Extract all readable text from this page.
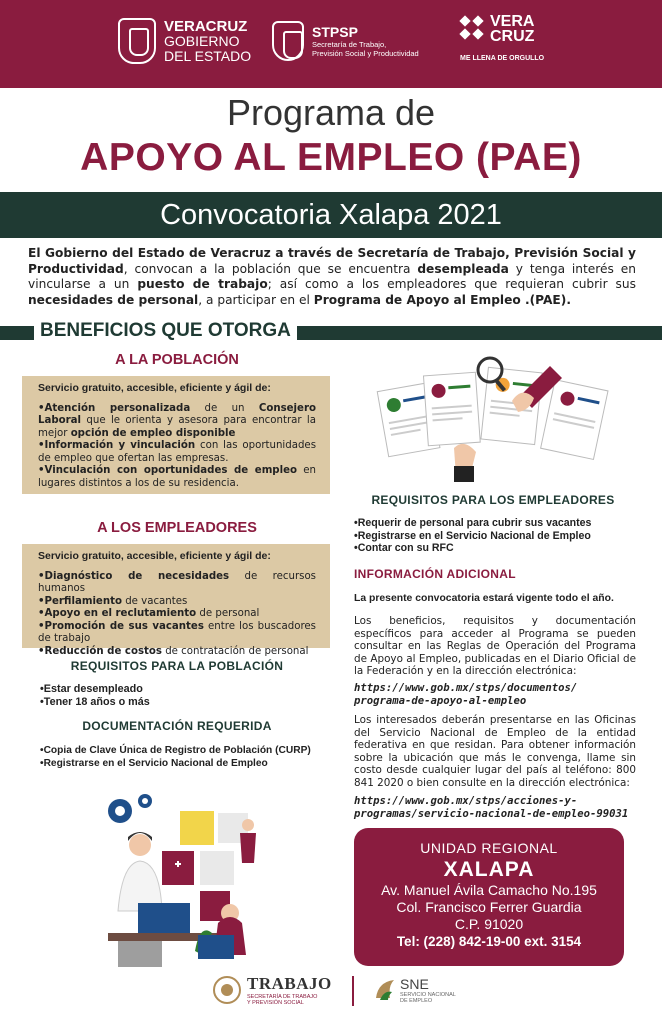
VERACRUZ
GOBIERNO
DEL ESTADO
STPSP
Secretaría de Trabajo,
Previsión Social y Productividad
VERA
CRUZ
ME LLENA DE ORGULLO
Programa de
APOYO AL EMPLEO (PAE)
Convocatoria Xalapa 2021
El Gobierno del Estado de Veracruz a través de Secretaría de Trabajo, Previsión Social y Productividad, convocan a la población que se encuentra desempleada y tenga interés en vincularse a un puesto de trabajo; así como a los empleadores que requieran cubrir sus necesidades de personal, a participar en el Programa de Apoyo al Empleo .(PAE).
BENEFICIOS QUE OTORGA
A LA POBLACIÓN

Servicio gratuito, accesible, eficiente y ágil de:

•Atención personalizada de un Consejero Laboral que le orienta y asesora para encontrar la mejor opción de empleo disponible

•Información y vinculación con las oportunidades de empleo que ofertan las empresas.

•Vinculación con oportunidades de empleo en lugares distintos a los de su residencia.

A LOS EMPLEADORES

Servicio gratuito, accesible, eficiente y ágil de:

•Diagnóstico de necesidades de recursos humanos

•Perfilamiento de vacantes

•Apoyo en el reclutamiento de personal

•Promoción de sus vacantes entre los buscadores de trabajo

•Reducción de costos de contratación de personal

REQUISITOS PARA LA POBLACIÓN
•Estar desempleado
•Tener 18 años o más
DOCUMENTACIÓN REQUERIDA
•Copia de Clave Única de Registro de Población (CURP)
•Registrarse en el Servicio Nacional de Empleo
REQUISITOS PARA LOS EMPLEADORES
•Requerir de personal para cubrir sus vacantes
•Registrarse en el Servicio Nacional de Empleo
•Contar con su RFC
INFORMACIÓN ADICIONAL
La presente convocatoria estará vigente todo el año.
Los beneficios, requisitos y documentación específicos para acceder al Programa se pueden consultar en las Reglas de Operación del Programa de Apoyo al Empleo, publicadas en el Diario Oficial de la Federación y en la dirección electrónica:
https://www.gob.mx/stps/documentos/
programa-de-apoyo-al-empleo
Los interesados deberán presentarse en las Oficinas del Servicio Nacional de Empleo de la entidad federativa en que residan. Para obtener información sobre la ubicación que más le convenga, llame sin costo desde cualquier lugar del país al teléfono: 800 841 2020 o bien consulte en la dirección electrónica:
https://www.gob.mx/stps/acciones-y-
programas/servicio-nacional-de-empleo-99031
UNIDAD REGIONAL
XALAPA
Av. Manuel Ávila Camacho No.195
Col. Francisco Ferrer Guardia
C.P. 91020
Tel: (228) 842-19-00 ext. 3154
TRABAJO
SECRETARÍA DE TRABAJO
Y PREVISIÓN SOCIAL
SNE
SERVICIO NACIONAL
DE EMPLEO
